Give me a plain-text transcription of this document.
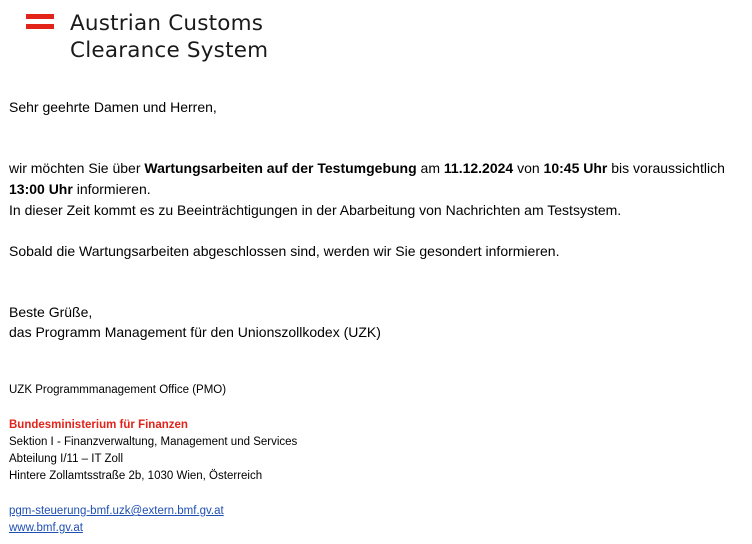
Austrian Customs
Clearance System
Sehr geehrte Damen und Herren,
wir möchten Sie über Wartungsarbeiten auf der Testumgebung am 11.12.2024 von 10:45 Uhr bis voraussichtlich
13:00 Uhr informieren.
In dieser Zeit kommt es zu Beeinträchtigungen in der Abarbeitung von Nachrichten am Testsystem.
Sobald die Wartungsarbeiten abgeschlossen sind, werden wir Sie gesondert informieren.
Beste Grüße,
das Programm Management für den Unionszollkodex (UZK)
UZK Programmmanagement Office (PMO)
Bundesministerium für Finanzen
Sektion I - Finanzverwaltung, Management und Services
Abteilung I/11 – IT Zoll
Hintere Zollamtsstraße 2b, 1030 Wien, Österreich
pgm-steuerung-bmf.uzk@extern.bmf.gv.at
www.bmf.gv.at
